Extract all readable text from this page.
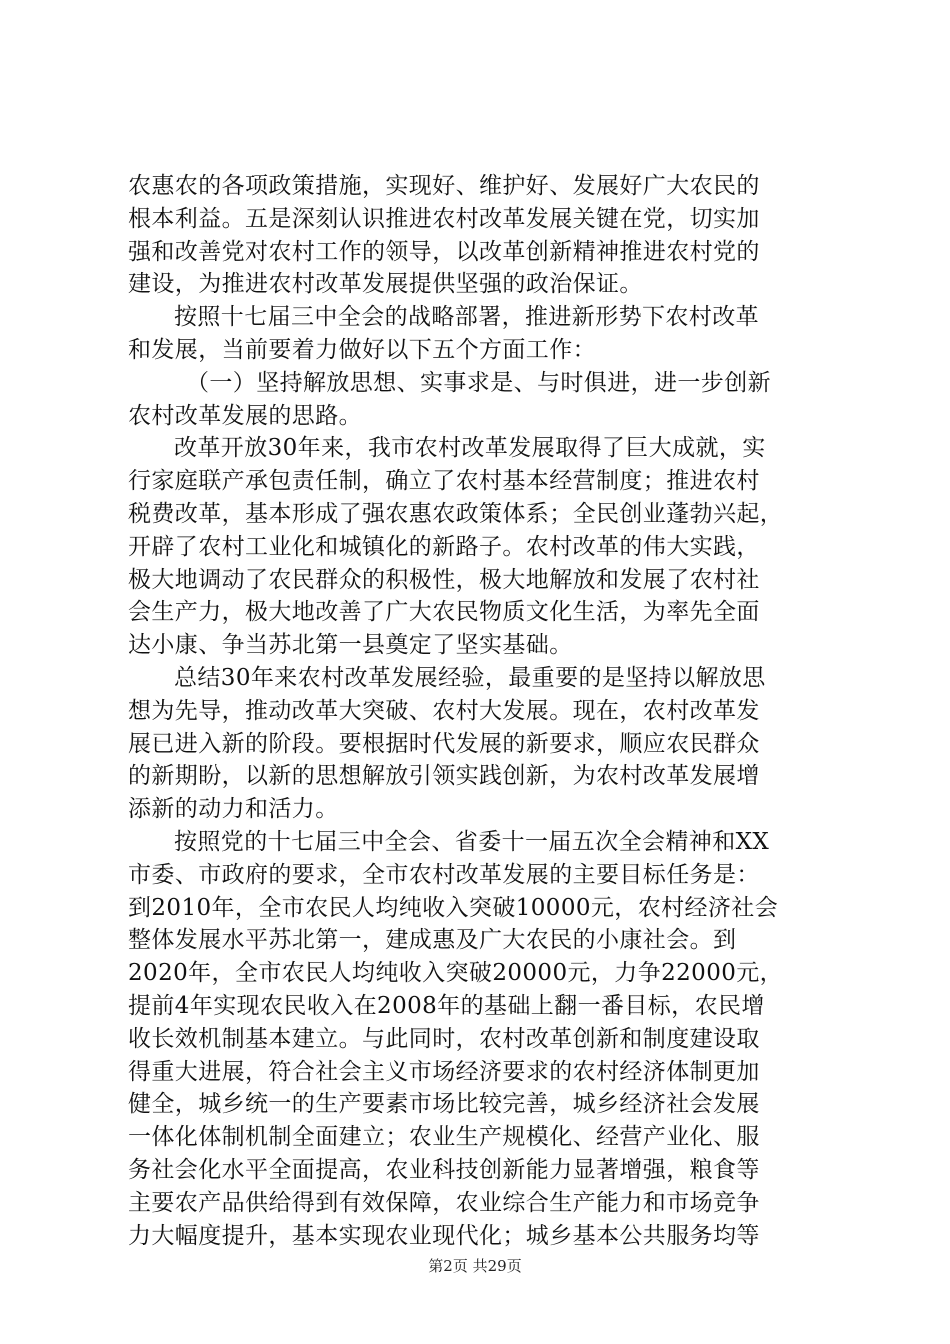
农惠农的各项政策措施，实现好、维护好、发展好广大农民的
根本利益。五是深刻认识推进农村改革发展关键在党，切实加
强和改善党对农村工作的领导，以改革创新精神推进农村党的
建设，为推进农村改革发展提供坚强的政治保证。
按照十七届三中全会的战略部署，推进新形势下农村改革
和发展，当前要着力做好以下五个方面工作：
（一）坚持解放思想、实事求是、与时俱进，进一步创新
农村改革发展的思路。
改革开放30年来，我市农村改革发展取得了巨大成就，实
行家庭联产承包责任制，确立了农村基本经营制度；推进农村
税费改革，基本形成了强农惠农政策体系；全民创业蓬勃兴起，
开辟了农村工业化和城镇化的新路子。农村改革的伟大实践，
极大地调动了农民群众的积极性，极大地解放和发展了农村社
会生产力，极大地改善了广大农民物质文化生活，为率先全面
达小康、争当苏北第一县奠定了坚实基础。
总结30年来农村改革发展经验，最重要的是坚持以解放思
想为先导，推动改革大突破、农村大发展。现在，农村改革发
展已进入新的阶段。要根据时代发展的新要求，顺应农民群众
的新期盼，以新的思想解放引领实践创新，为农村改革发展增
添新的动力和活力。
按照党的十七届三中全会、省委十一届五次全会精神和XX
市委、市政府的要求，全市农村改革发展的主要目标任务是：
到2010年，全市农民人均纯收入突破10000元，农村经济社会
整体发展水平苏北第一，建成惠及广大农民的小康社会。到
2020年，全市农民人均纯收入突破20000元，力争22000元，
提前4年实现农民收入在2008年的基础上翻一番目标，农民增
收长效机制基本建立。与此同时，农村改革创新和制度建设取
得重大进展，符合社会主义市场经济要求的农村经济体制更加
健全，城乡统一的生产要素市场比较完善，城乡经济社会发展
一体化体制机制全面建立；农业生产规模化、经营产业化、服
务社会化水平全面提高，农业科技创新能力显著增强，粮食等
主要农产品供给得到有效保障，农业综合生产能力和市场竞争
力大幅度提升，基本实现农业现代化；城乡基本公共服务均等
第2页 共29页
